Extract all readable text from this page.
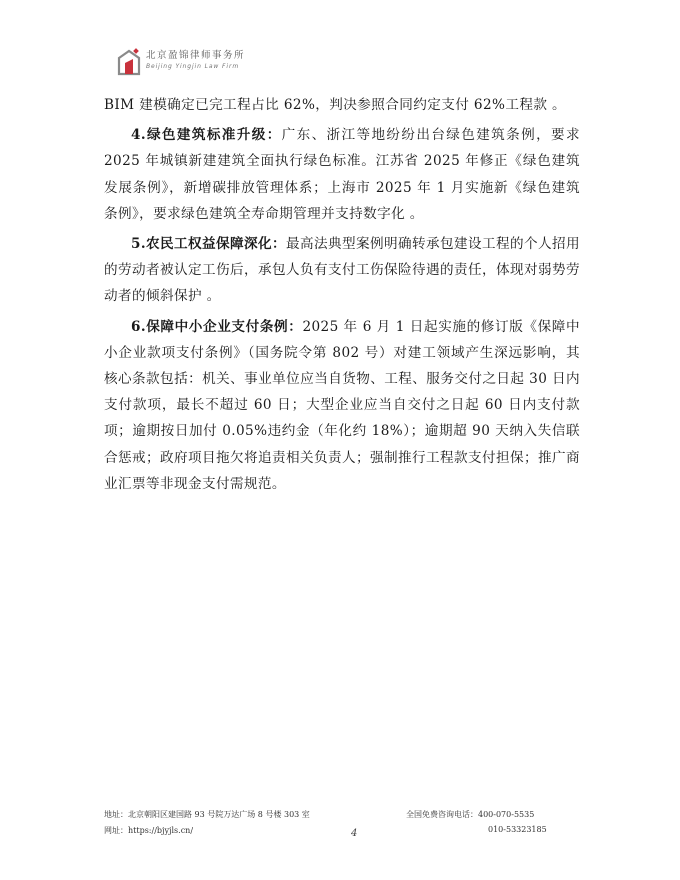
北京盈锦律师事务所
Beijing Yingjin Law Firm

BIM 建模确定已完工程占比 62%，判决参照合同约定支付 62%工程款 。

4.绿色建筑标准升级：广东、浙江等地纷纷出台绿色建筑条例，要求 2025 年城镇新建建筑全面执行绿色标准。江苏省 2025 年修正《绿色建筑发展条例》，新增碳排放管理体系；上海市 2025 年 1 月实施新《绿色建筑条例》，要求绿色建筑全寿命期管理并支持数字化 。

5.农民工权益保障深化：最高法典型案例明确转承包建设工程的个人招用的劳动者被认定工伤后，承包人负有支付工伤保险待遇的责任，体现对弱势劳动者的倾斜保护 。

6.保障中小企业支付条例：2025 年 6 月 1 日起实施的修订版《保障中小企业款项支付条例》（国务院令第 802 号）对建工领域产生深远影响，其核心条款包括：机关、事业单位应当自货物、工程、服务交付之日起 30 日内支付款项，最长不超过 60 日；大型企业应当自交付之日起 60 日内支付款项；逾期按日加付 0.05%违约金（年化约 18%）；逾期超 90 天纳入失信联合惩戒；政府项目拖欠将追责相关负责人；强制推行工程款支付担保；推广商业汇票等非现金支付需规范。

地址：北京朝阳区建国路 93 号院万达广场 8 号楼 303 室
网址：https://bjyjls.cn/
全国免费咨询电话：400-070-5535
010-53323185
4
